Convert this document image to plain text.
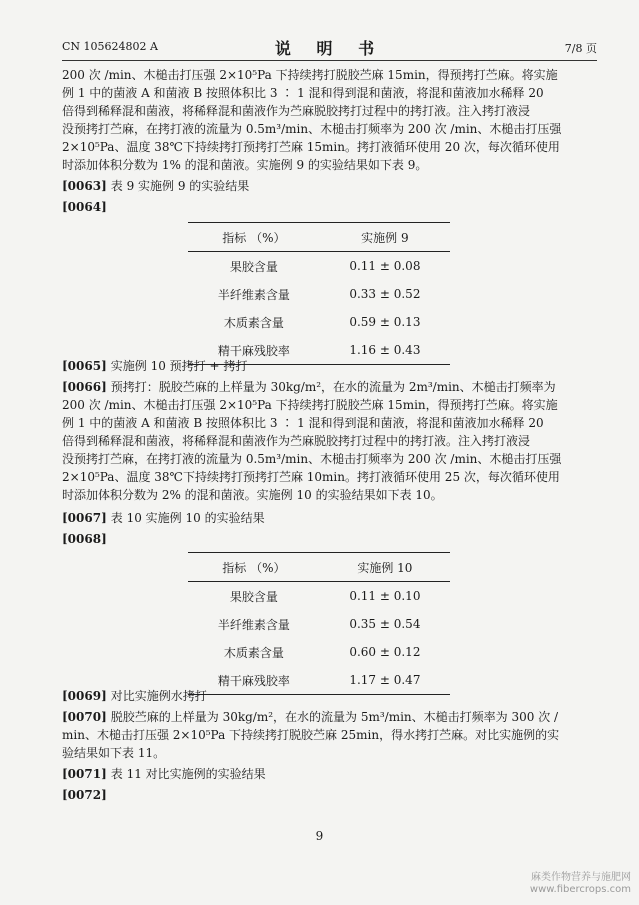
CN 105624802 A	说 明 书	7/8 页
200 次 /min、木槌击打压强 2×10⁵Pa 下持续拷打脱胶苎麻 15min，得预拷打苎麻。将实施
例 1 中的菌液 A 和菌液 B 按照体积比 3 ∶ 1 混和得到混和菌液，将混和菌液加水稀释 20
倍得到稀释混和菌液，将稀释混和菌液作为苎麻脱胶拷打过程中的拷打液。注入拷打液浸
没预拷打苎麻，在拷打液的流量为 0.5m³/min、木槌击打频率为 200 次 /min、木槌击打压强
2×10⁵Pa、温度 38℃下持续拷打预拷打苎麻 15min。拷打液循环使用 20 次，每次循环使用
时添加体积分数为 1% 的混和菌液。实施例 9 的实验结果如下表 9。
[0063] 表 9 实施例 9 的实验结果
[0064]
指标 （%）	实施例 9
果胶含量	0.11 ± 0.08
半纤维素含量	0.33 ± 0.52
木质素含量	0.59 ± 0.13
精干麻残胶率	1.16 ± 0.43
[0065] 实施例 10 预拷打 + 拷打
[0066] 预拷打：脱胶苎麻的上样量为 30kg/m²，在水的流量为 2m³/min、木槌击打频率为
200 次 /min、木槌击打压强 2×10⁵Pa 下持续拷打脱胶苎麻 15min，得预拷打苎麻。将实施
例 1 中的菌液 A 和菌液 B 按照体积比 3 ∶ 1 混和得到混和菌液，将混和菌液加水稀释 20
倍得到稀释混和菌液，将稀释混和菌液作为苎麻脱胶拷打过程中的拷打液。注入拷打液浸
没预拷打苎麻，在拷打液的流量为 0.5m³/min、木槌击打频率为 200 次 /min、木槌击打压强
2×10⁵Pa、温度 38℃下持续拷打预拷打苎麻 10min。拷打液循环使用 25 次，每次循环使用
时添加体积分数为 2% 的混和菌液。实施例 10 的实验结果如下表 10。
[0067] 表 10 实施例 10 的实验结果
[0068]
指标 （%）	实施例 10
果胶含量	0.11 ± 0.10
半纤维素含量	0.35 ± 0.54
木质素含量	0.60 ± 0.12
精干麻残胶率	1.17 ± 0.47
[0069] 对比实施例水拷打
[0070] 脱胶苎麻的上样量为 30kg/m²，在水的流量为 5m³/min、木槌击打频率为 300 次 /
min、木槌击打压强 2×10⁵Pa 下持续拷打脱胶苎麻 25min，得水拷打苎麻。对比实施例的实
验结果如下表 11。
[0071] 表 11 对比实施例的实验结果
[0072]
9
麻类作物营养与施肥网
www.fibercrops.com
